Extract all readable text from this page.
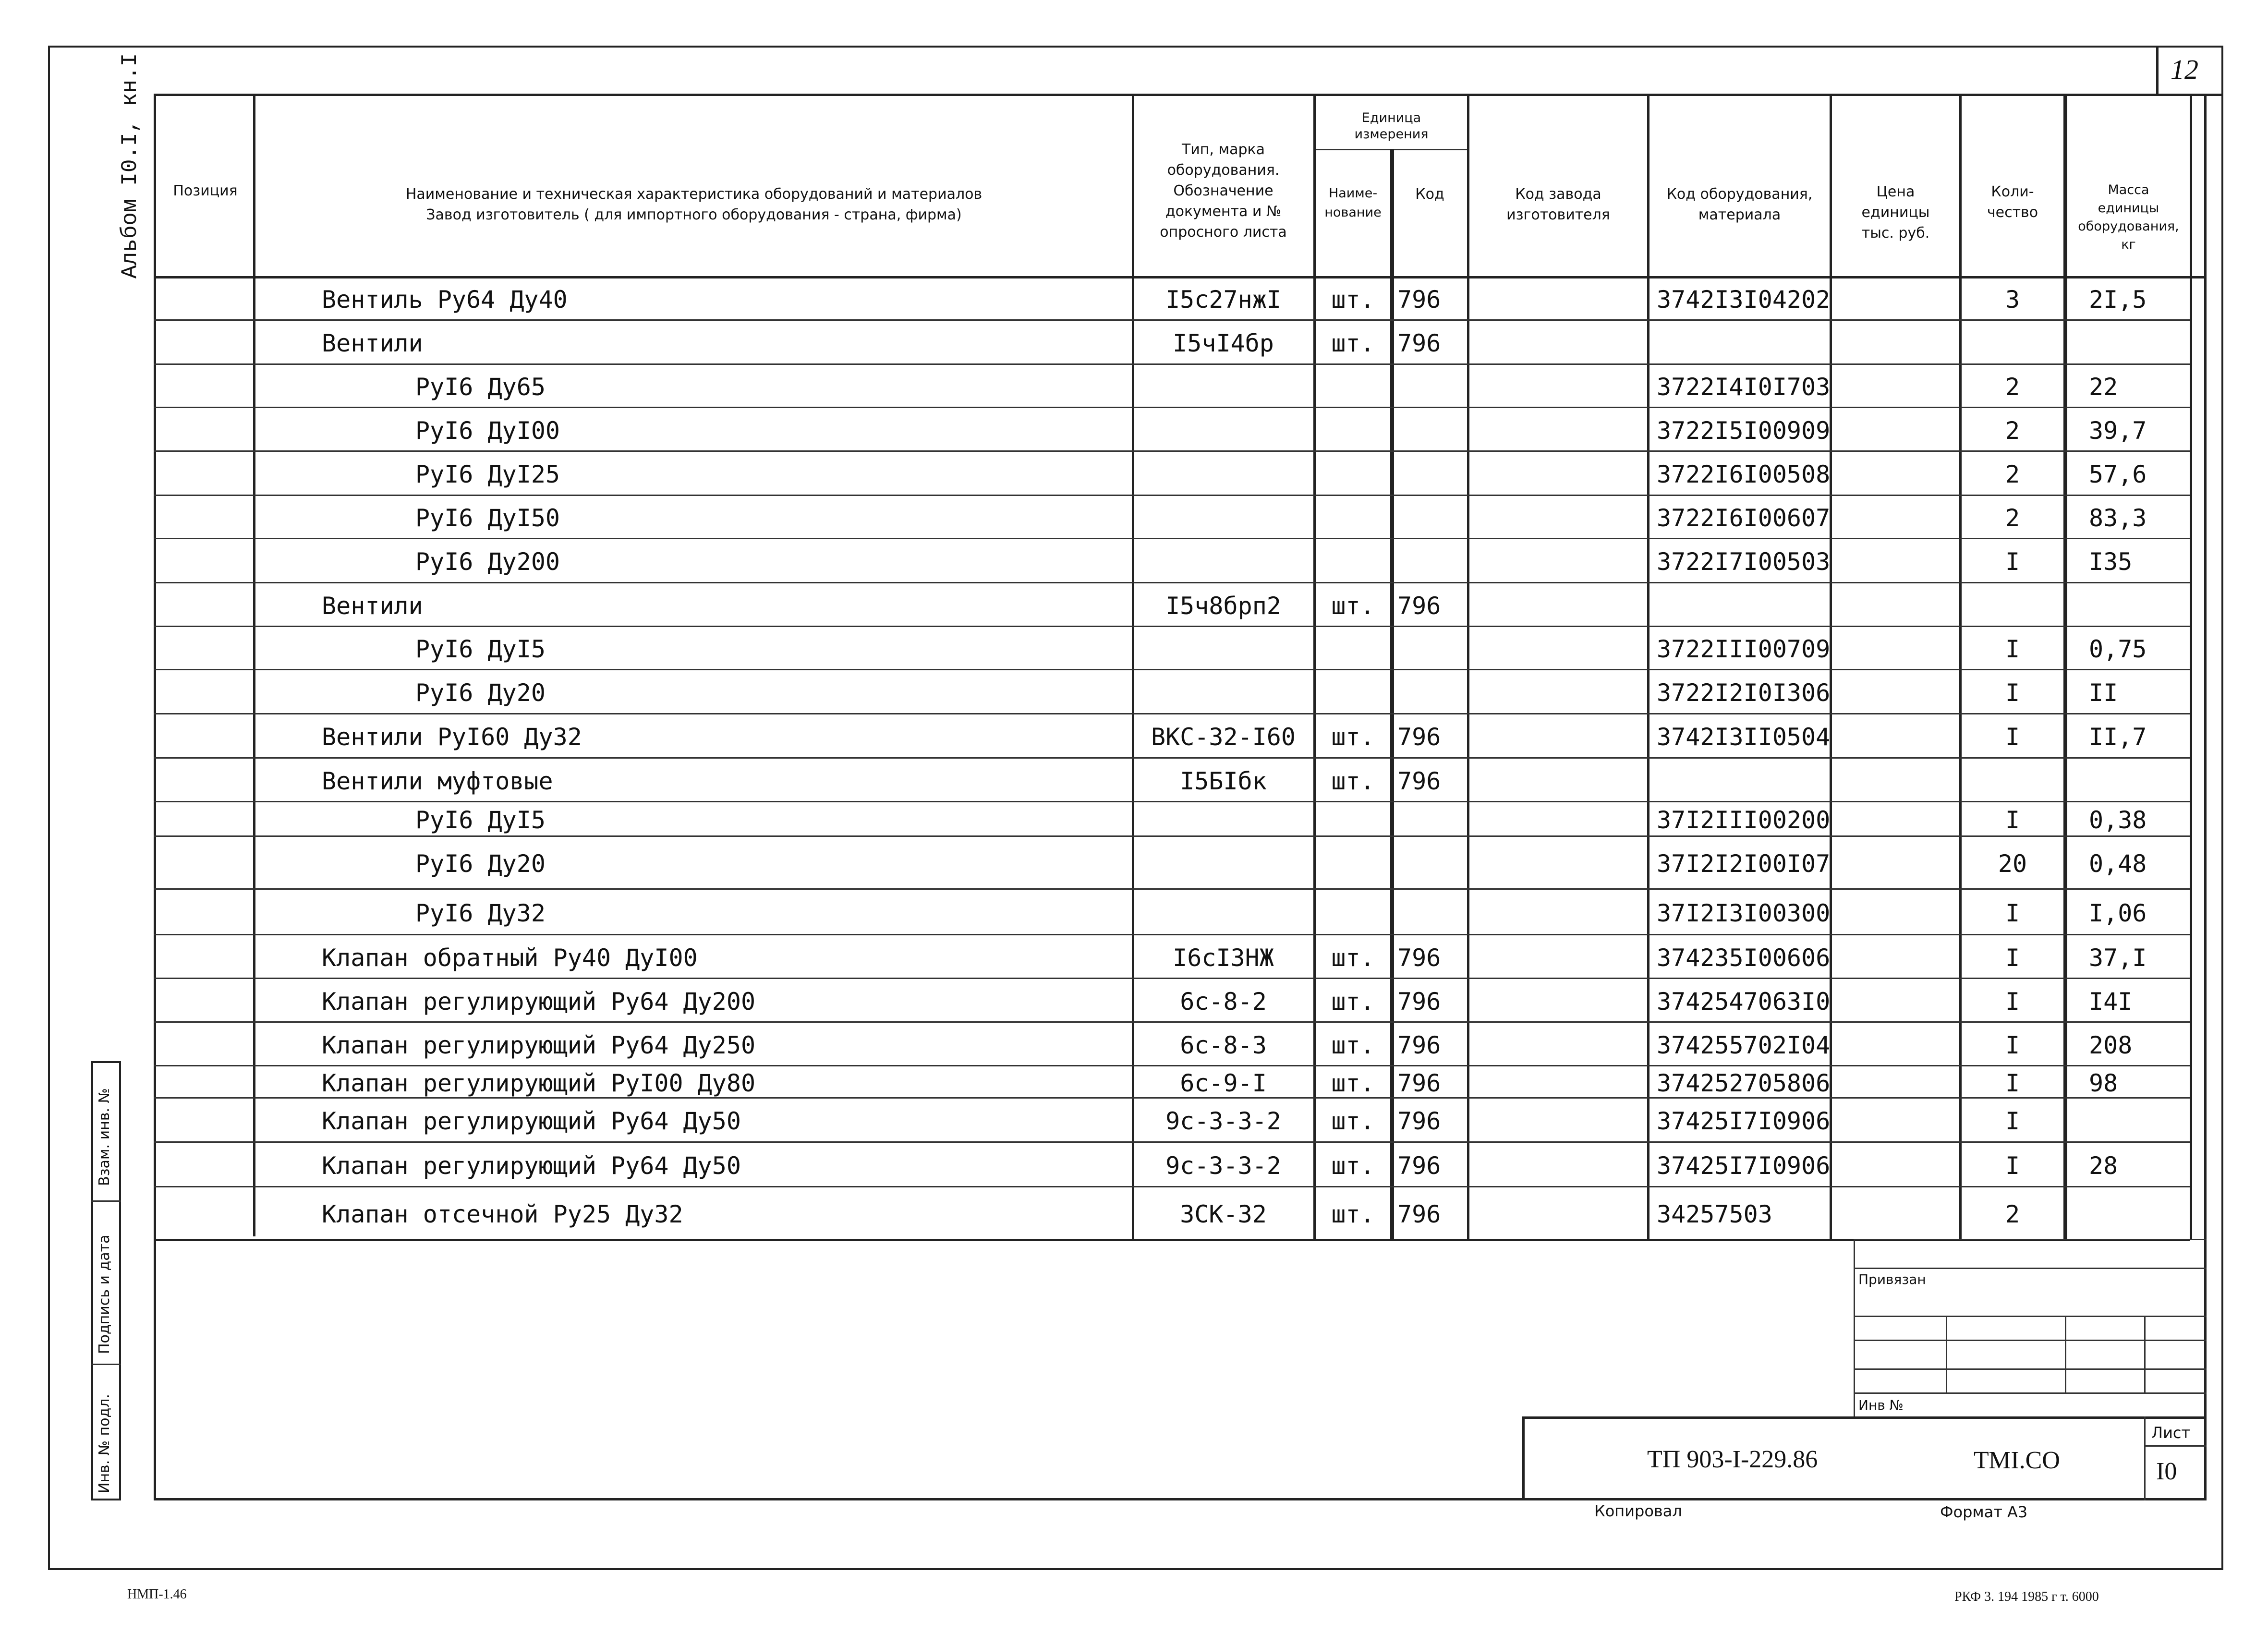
12
Альбом I0.I, кн.I	Позиция	Наименование и техническая характеристика оборудований и материалов
Завод изготовитель ( для импортного оборудования - страна, фирма)
Тип, марка
оборудования.
Обозначение
документа и №
опросного листа
Единица
измерения
Наиме-
нование
Код	Код завода
изготовителя
Код оборудования,
материала
Цена
единицы
тыс. руб.
Коли-
чество
Масса
единицы
оборудования,
кг
Вентиль Ру64 Ду40	I5с27нжI	шт. 796	3742I3I04202	3	2I,5
Вентили	I5чI4бр	шт. 796
РуI6 Ду65	3722I4I0I703	2	22
РуI6 ДуI00	3722I5I00909	2	39,7
РуI6 ДуI25	3722I6I00508	2	57,6
РуI6 ДуI50	3722I6I00607	2	83,3
РуI6 Ду200	3722I7I00503	I	I35
Вентили	I5ч8брп2	шт. 796
РуI6 ДуI5	3722III00709	I	0,75
РуI6 Ду20	3722I2I0I306	I	II
Вентили РуI60 Ду32	ВКС-32-I60	шт. 796	3742I3II0504	I	II,7
Вентили муфтовые	I5БIбк	шт. 796
РуI6 ДуI5	37I2III00200	I	0,38
РуI6 Ду20	37I2I2I00I07	20	0,48
РуI6 Ду32	37I2I3I00300	I	I,06
Клапан обратный Ру40 ДуI00	I6сI3НЖ	шт. 796	374235I00606	I	37,I
Клапан регулирующий Ру64 Ду200	6с-8-2	шт. 796	3742547063I0	I	I4I
Клапан регулирующий Ру64 Ду250	6с-8-3	шт. 796	374255702I04	I	208
Клапан регулирующий РуI00 Ду80	6с-9-I	шт. 796	374252705806	I	98
Клапан регулирующий Ру64 Ду50	9с-3-3-2	шт. 796	37425I7I0906	I
Клапан регулирующий Ру64 Ду50	9с-3-3-2	шт. 796	37425I7I0906	I	28
Клапан отсечной Ру25 Ду32	3СК-32	шт. 796	34257503	2
Взам. инв. №
Подпись и дата
Инв. № подл.
Привязан
Инв №
ТП 903-I-229.86	ТМI.СО
Лист
I0
Копировал	Формат А3
НМП-1.46	РКФ 3. 194 1985 г т. 6000
